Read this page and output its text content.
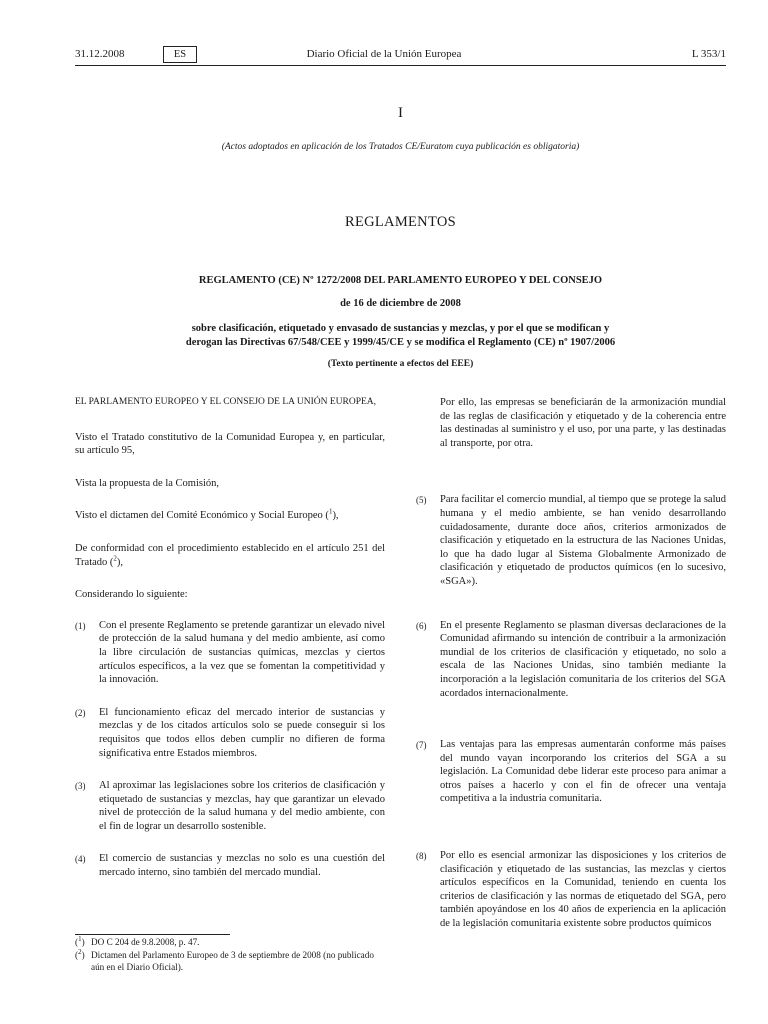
31.12.2008	ES	Diario Oficial de la Unión Europea	L 353/1
I
(Actos adoptados en aplicación de los Tratados CE/Euratom cuya publicación es obligatoria)
REGLAMENTOS
REGLAMENTO (CE) Nº 1272/2008 DEL PARLAMENTO EUROPEO Y DEL CONSEJO
de 16 de diciembre de 2008
sobre clasificación, etiquetado y envasado de sustancias y mezclas, y por el que se modifican y
derogan las Directivas 67/548/CEE y 1999/45/CE y se modifica el Reglamento (CE) nº 1907/2006
(Texto pertinente a efectos del EEE)

EL PARLAMENTO EUROPEO Y EL CONSEJO DE LA UNIÓN EUROPEA,

Visto el Tratado constitutivo de la Comunidad Europea y, en particular, su artículo 95,

Vista la propuesta de la Comisión,

Visto el dictamen del Comité Económico y Social Europeo ($^1$),

De conformidad con el procedimiento establecido en el artículo 251 del Tratado ($^2$),

Considerando lo siguiente:

(1) Con el presente Reglamento se pretende garantizar un elevado nivel de protección de la salud humana y del medio ambiente, así como la libre circulación de sustancias químicas, mezclas y ciertos artículos específicos, a la vez que se fomentan la competitividad y la innovación.
(2) El funcionamiento eficaz del mercado interior de sustancias y mezclas y de los citados artículos solo se puede conseguir si los requisitos que todos ellos deben cumplir no difieren de forma significativa entre Estados miembros.
(3) Al aproximar las legislaciones sobre los criterios de clasificación y etiquetado de sustancias y mezclas, hay que garantizar un elevado nivel de protección de la salud humana y del medio ambiente, con el fin de lograr un desarrollo sostenible.
(4) El comercio de sustancias y mezclas no solo es una cuestión del mercado interno, sino también del mercado mundial.
($^1$) DO C 204 de 9.8.2008, p. 47.
($^2$) Dictamen del Parlamento Europeo de 3 de septiembre de 2008 (no publicado aún en el Diario Oficial).
Por ello, las empresas se beneficiarán de la armonización mundial de las reglas de clasificación y etiquetado y de la coherencia entre las destinadas al suministro y el uso, por una parte, y las destinadas al transporte, por otra.
(5) Para facilitar el comercio mundial, al tiempo que se protege la salud humana y el medio ambiente, se han venido desarrollando cuidadosamente, durante doce años, criterios armonizados de clasificación y etiquetado en la estructura de las Naciones Unidas, lo que ha dado lugar al Sistema Globalmente Armonizado de clasificación y etiquetado de productos químicos (en lo sucesivo, «SGA»).
(6) En el presente Reglamento se plasman diversas declaraciones de la Comunidad afirmando su intención de contribuir a la armonización mundial de los criterios de clasificación y etiquetado, no solo a escala de las Naciones Unidas, sino también mediante la incorporación a la legislación comunitaria de los criterios del SGA acordados internacionalmente.
(7) Las ventajas para las empresas aumentarán conforme más países del mundo vayan incorporando los criterios del SGA a su legislación. La Comunidad debe liderar este proceso para animar a otros países a hacerlo y con el fin de ofrecer una ventaja competitiva a la industria comunitaria.
(8) Por ello es esencial armonizar las disposiciones y los criterios de clasificación y etiquetado de las sustancias, las mezclas y ciertos artículos específicos en la Comunidad, teniendo en cuenta los criterios de clasificación y las normas de etiquetado del SGA, pero también apoyándose en los 40 años de experiencia en la aplicación de la legislación comunitaria existente sobre productos químicos
